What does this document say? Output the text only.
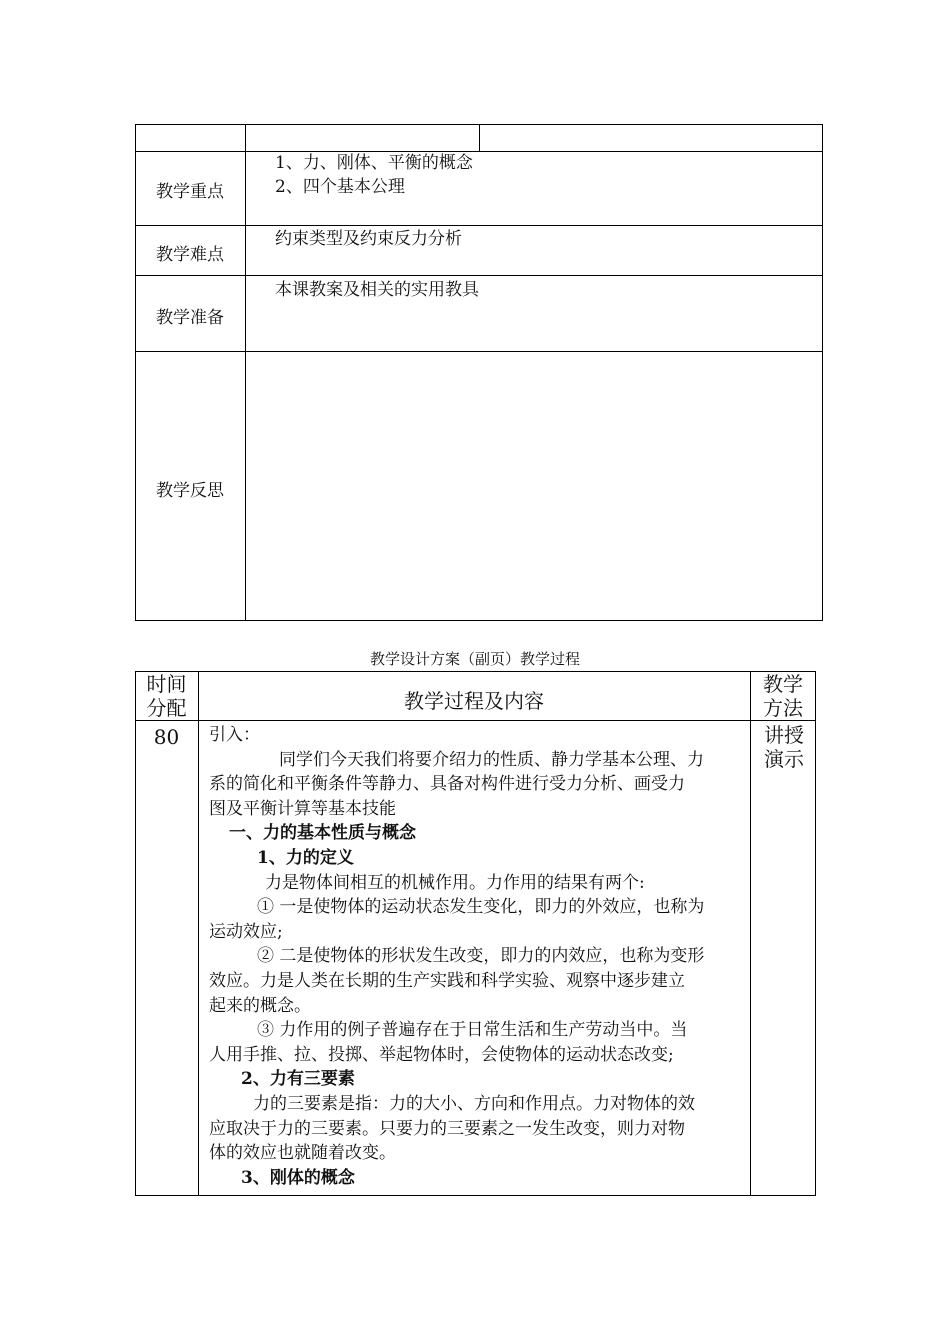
教学重点
教学难点
教学准备
教学反思
1、力、刚体、平衡的概念
2、四个基本公理
约束类型及约束反力分析
本课教案及相关的实用教具
教学设计方案（副页）教学过程
时间
分配	教学过程及内容
教学
方法
80	讲授
演示

引入：

同学们今天我们将要介绍力的性质、静力学基本公理、力

系的简化和平衡条件等静力、具备对构件进行受力分析、画受力

图及平衡计算等基本技能

一、力的基本性质与概念

1、力的定义

力是物体间相互的机械作用。力作用的结果有两个:

① 一是使物体的运动状态发生变化，即力的外效应，也称为

运动效应;

② 二是使物体的形状发生改变，即力的内效应，也称为变形

效应。力是人类在长期的生产实践和科学实验、观察中逐步建立

起来的概念。

③ 力作用的例子普遍存在于日常生活和生产劳动当中。当

人用手推、拉、投掷、举起物体时，会使物体的运动状态改变;

2、力有三要素

力的三要素是指：力的大小、方向和作用点。力对物体的效

应取决于力的三要素。只要力的三要素之一发生改变，则力对物

体的效应也就随着改变。

3、刚体的概念
